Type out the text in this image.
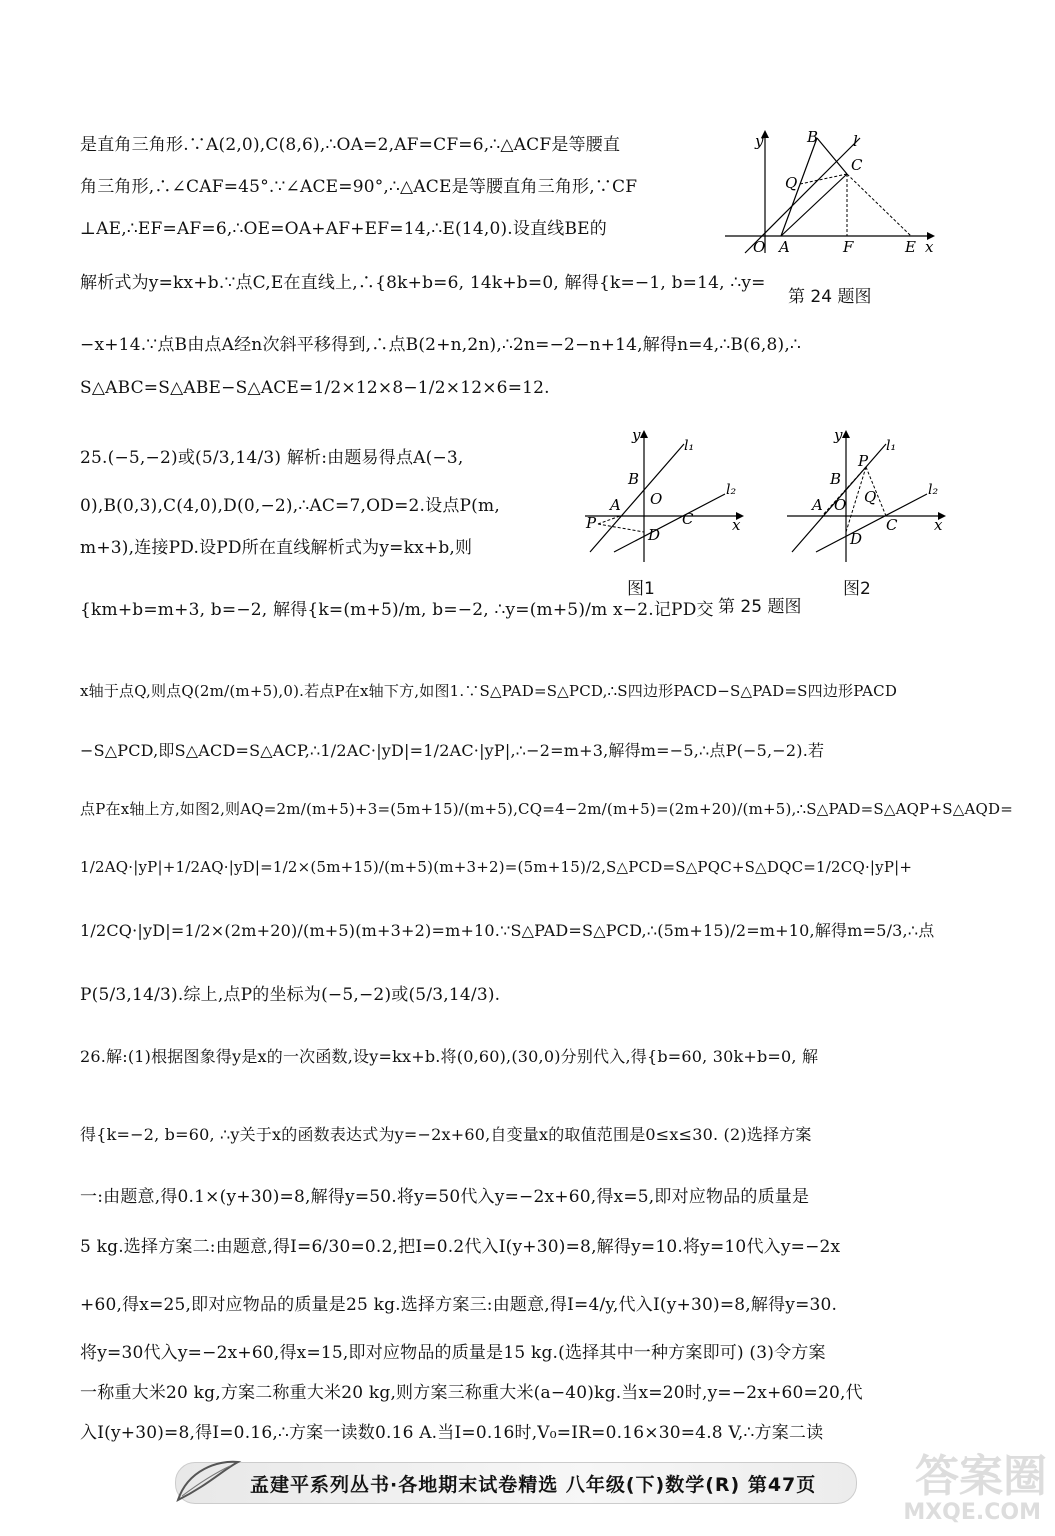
是直角三角形.∵A(2,0),C(8,6),∴OA=2,AF=CF=6,∴△ACF是等腰直
角三角形,∴∠CAF=45°.∵∠ACE=90°,∴△ACE是等腰直角三角形,∵CF
⊥AE,∴EF=AF=6,∴OE=OA+AF+EF=14,∴E(14,0).设直线BE的
解析式为y=kx+b.∵点C,E在直线上,∴{8k+b=6, 14k+b=0, 解得{k=−1, b=14, ∴y=
−x+14.∵点B由点A经n次斜平移得到,∴点B(2+n,2n),∴2n=−2−n+14,解得n=4,∴B(6,8),∴
S△ABC=S△ABE−S△ACE=1/2×12×8−1/2×12×6=12.
y	B l
C
Q
O A	F	E x
第 24 题图
25.(−5,−2)或(5/3,14/3) 解析:由题易得点A(−3,
0),B(0,3),C(4,0),D(0,−2),∴AC=7,OD=2.设点P(m,
m+3),连接PD.设PD所在直线解析式为y=kx+b,则
{km+b=m+3, b=−2, 解得{k=(m+5)/m, b=−2, ∴y=(m+5)/m x−2.记PD交
x轴于点Q,则点Q(2m/(m+5),0).若点P在x轴下方,如图1.∵S△PAD=S△PCD,∴S四边形PACD−S△PAD=S四边形PACD
−S△PCD,即S△ACD=S△ACP,∴1/2AC·|yD|=1/2AC·|yP|,∴−2=m+3,解得m=−5,∴点P(−5,−2).若
点P在x轴上方,如图2,则AQ=2m/(m+5)+3=(5m+15)/(m+5),CQ=4−2m/(m+5)=(2m+20)/(m+5),∴S△PAD=S△AQP+S△AQD=
1/2AQ·|yP|+1/2AQ·|yD|=1/2×(5m+15)/(m+5)(m+3+2)=(5m+15)/2,S△PCD=S△PQC+S△DQC=1/2CQ·|yP|+
1/2CQ·|yD|=1/2×(2m+20)/(m+5)(m+3+2)=m+10.∵S△PAD=S△PCD,∴(5m+15)/2=m+10,解得m=5/3,∴点
P(5/3,14/3).综上,点P的坐标为(−5,−2)或(5/3,14/3).
y
l₁
B
A O	l₂
P	C	x
D
图1
y
l₁
P
B
Q
A O
l₂
C x
D
图2
第 25 题图
26.解:(1)根据图象得y是x的一次函数,设y=kx+b.将(0,60),(30,0)分别代入,得{b=60, 30k+b=0, 解
得{k=−2, b=60, ∴y关于x的函数表达式为y=−2x+60,自变量x的取值范围是0≤x≤30. (2)选择方案
一:由题意,得0.1×(y+30)=8,解得y=50.将y=50代入y=−2x+60,得x=5,即对应物品的质量是
5 kg.选择方案二:由题意,得I=6/30=0.2,把I=0.2代入I(y+30)=8,解得y=10.将y=10代入y=−2x
+60,得x=25,即对应物品的质量是25 kg.选择方案三:由题意,得I=4/y,代入I(y+30)=8,解得y=30.
将y=30代入y=−2x+60,得x=15,即对应物品的质量是15 kg.(选择其中一种方案即可) (3)令方案
一称重大米20 kg,方案二称重大米20 kg,则方案三称重大米(a−40)kg.当x=20时,y=−2x+60=20,代
入I(y+30)=8,得I=0.16,∴方案一读数0.16 A.当I=0.16时,V₀=IR=0.16×30=4.8 V,∴方案二读
孟建平系列丛书·各地期末试卷精选 八年级(下)数学(R) 第47页 答案圈
MXQE.COM
